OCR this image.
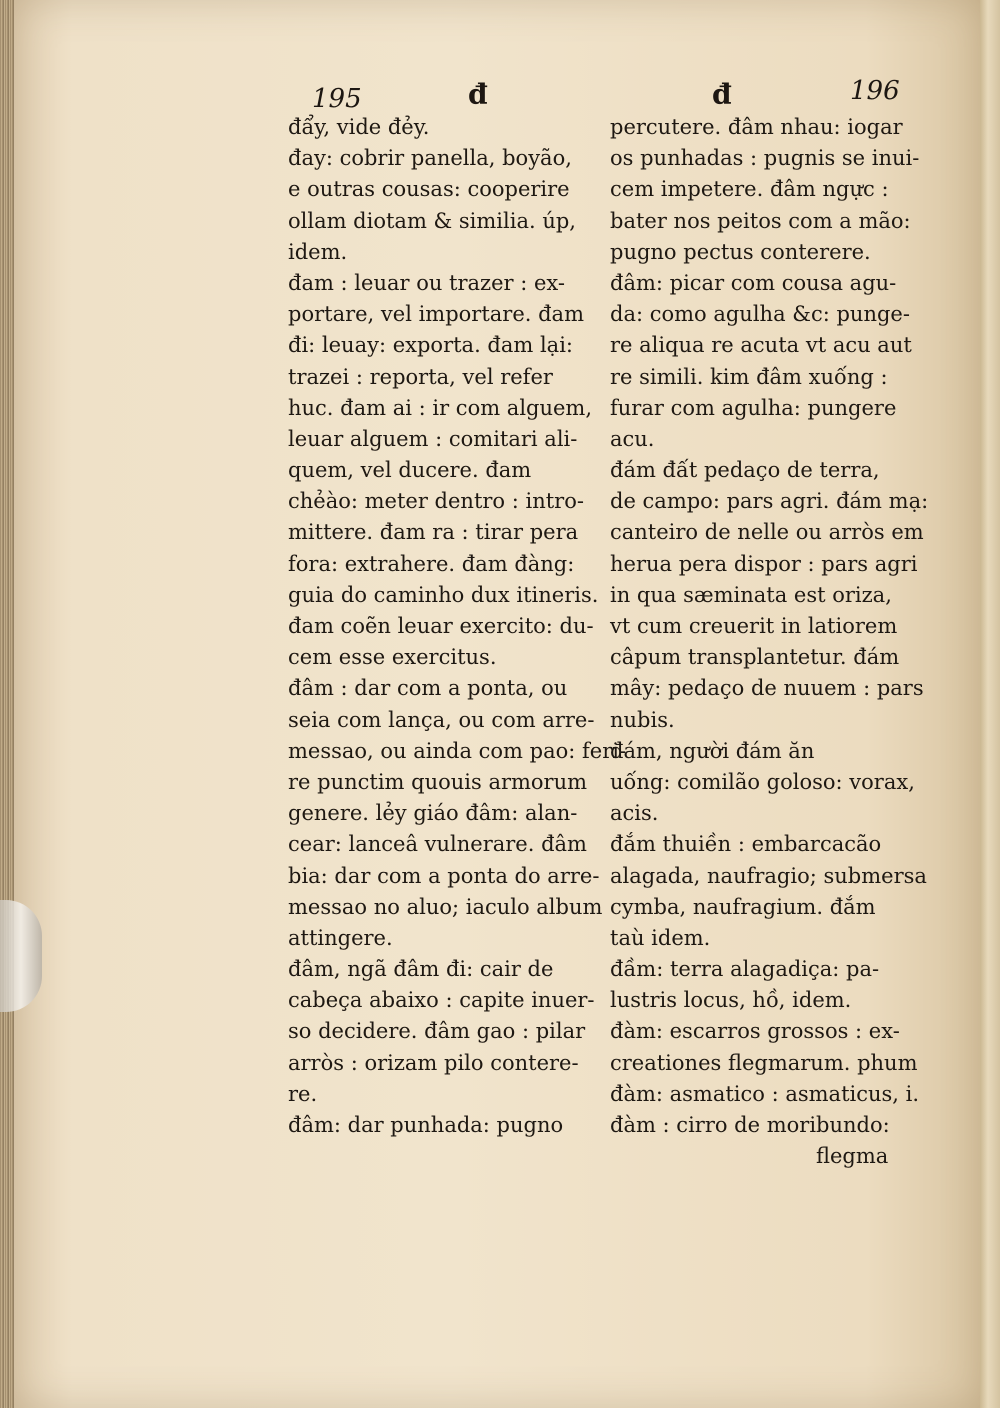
195	đ	đ	196
đẩy, vide đẻy.
đay: cobrir panella, boyão,
e outras cousas: cooperire
ollam diotam & similia. úp,
idem.
đam : leuar ou trazer : ex-
portare, vel importare. đam
đi: leuay: exporta. đam lại:
trazei : reporta, vel refer
huc. đam ai : ir com alguem,
leuar alguem : comitari ali-
quem, vel ducere. đam
chẻào: meter dentro : intro-
mittere. đam ra : tirar pera
fora: extrahere. đam đàng:
guia do caminho dux itineris.
đam coẽn leuar exercito: du-
cem esse exercitus.
đâm : dar com a ponta, ou
seia com lança, ou com arre-
messao, ou ainda com pao: feri-
re punctim quouis armorum
genere. lẻy giáo đâm: alan-
cear: lanceâ vulnerare. đâm
bia: dar com a ponta do arre-
messao no aluo; iaculo album
attingere.
đâm, ngã đâm đi: cair de
cabeça abaixo : capite inuer-
so decidere. đâm gao : pilar
arròs : orizam pilo contere-
re.
đâm: dar punhada: pugno
percutere. đâm nhau: iogar
os punhadas : pugnis se inui-
cem impetere. đâm ngực :
bater nos peitos com a mão:
pugno pectus conterere.
đâm: picar com cousa agu-
da: como agulha &c: punge-
re aliqua re acuta vt acu aut
re simili. kim đâm xuống :
furar com agulha: pungere
acu.
đám đất pedaço de terra,
de campo: pars agri. đám mạ:
canteiro de nelle ou arròs em
herua pera dispor : pars agri
in qua sæminata est oriza,
vt cum creuerit in latiorem
câpum transplantetur. đám
mây: pedaço de nuuem : pars
nubis.
đám, người đám ăn
uống: comilão goloso: vorax,
acis.
đắm thuiền : embarcacão
alagada, naufragio; submersa
cymba, naufragium. đắm
taù idem.
đầm: terra alagadiça: pa-
lustris locus, hồ, idem.
đàm: escarros grossos : ex-
creationes flegmarum. phum
đàm: asmatico : asmaticus, i.
đàm : cirro de moribundo:
flegma
